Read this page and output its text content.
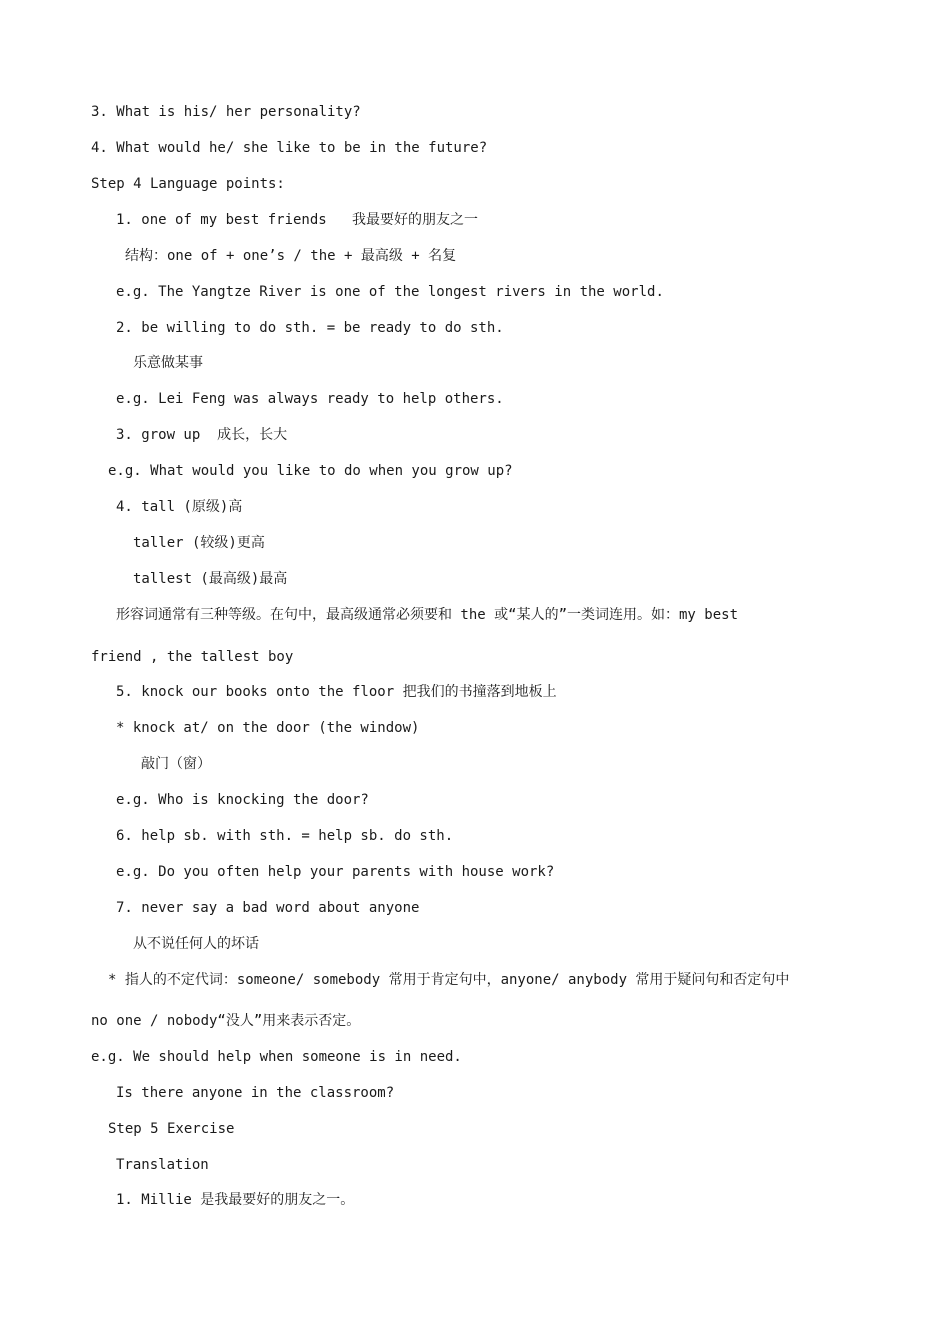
3. What is his/ her personality?
4. What would he/ she like to be in the future?
Step 4 Language points:
1. one of my best friends   我最要好的朋友之一
结构：one of + one’s / the + 最高级 + 名复
e.g. The Yangtze River is one of the longest rivers in the world.
2. be willing to do sth. = be ready to do sth.
乐意做某事
e.g. Lei Feng was always ready to help others.
3. grow up  成长，长大
e.g. What would you like to do when you grow up?
4. tall (原级)高
taller (较级)更高
tallest (最高级)最高
形容词通常有三种等级。在句中，最高级通常必须要和 the 或“某人的”一类词连用。如：my best
friend , the tallest boy
5. knock our books onto the floor 把我们的书撞落到地板上
* knock at/ on the door (the window)
敲门（窗）
e.g. Who is knocking the door?
6. help sb. with sth. = help sb. do sth.
e.g. Do you often help your parents with house work?
7. never say a bad word about anyone
从不说任何人的坏话
* 指人的不定代词：someone/ somebody 常用于肯定句中，anyone/ anybody 常用于疑问句和否定句中
no one / nobody“没人”用来表示否定。
e.g. We should help when someone is in need.
Is there anyone in the classroom?
Step 5 Exercise
Translation
1. Millie 是我最要好的朋友之一。
